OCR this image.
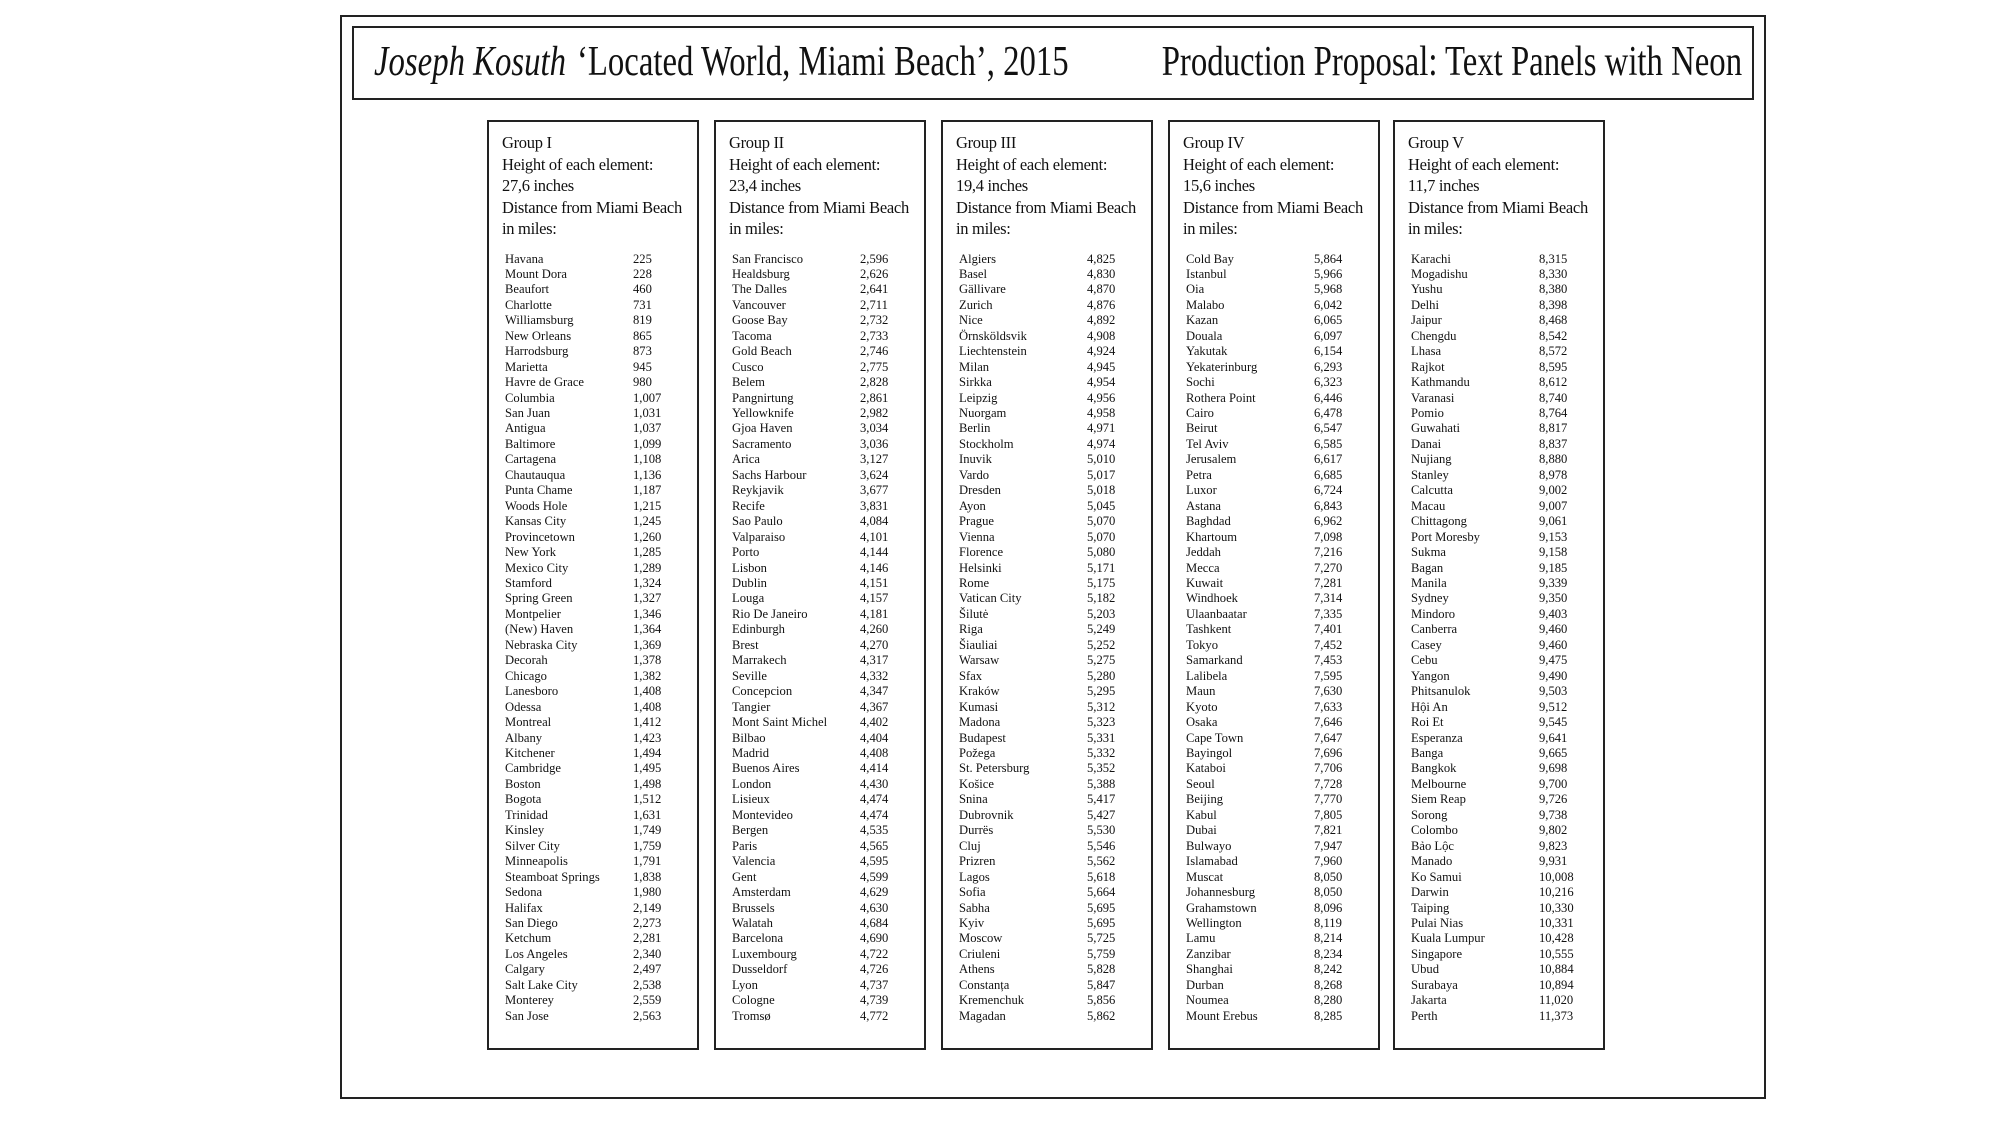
Joseph Kosuth ‘Located World, Miami Beach’, 2015 Production Proposal: Text Panels with Neon
Group I
Height of each element:
27,6 inches
Distance from Miami Beach
in miles:
Havana	225
Mount Dora	228
Beaufort	460
Charlotte	731
Williamsburg	819
New Orleans	865
Harrodsburg	873
Marietta	945
Havre de Grace	980
Columbia	1,007
San Juan	1,031
Antigua	1,037
Baltimore	1,099
Cartagena	1,108
Chautauqua	1,136
Punta Chame	1,187
Woods Hole	1,215
Kansas City	1,245
Provincetown	1,260
New York	1,285
Mexico City	1,289
Stamford	1,324
Spring Green	1,327
Montpelier	1,346
(New) Haven	1,364
Nebraska City	1,369
Decorah	1,378
Chicago	1,382
Lanesboro	1,408
Odessa	1,408
Montreal	1,412
Albany	1,423
Kitchener	1,494
Cambridge	1,495
Boston	1,498
Bogota	1,512
Trinidad	1,631
Kinsley	1,749
Silver City	1,759
Minneapolis	1,791
Steamboat Springs	1,838
Sedona	1,980
Halifax	2,149
San Diego	2,273
Ketchum	2,281
Los Angeles	2,340
Calgary	2,497
Salt Lake City	2,538
Monterey	2,559
San Jose	2,563
Group II
Height of each element:
23,4 inches
Distance from Miami Beach
in miles:
San Francisco	2,596
Healdsburg	2,626
The Dalles	2,641
Vancouver	2,711
Goose Bay	2,732
Tacoma	2,733
Gold Beach	2,746
Cusco	2,775
Belem	2,828
Pangnirtung	2,861
Yellowknife	2,982
Gjoa Haven	3,034
Sacramento	3,036
Arica	3,127
Sachs Harbour	3,624
Reykjavik	3,677
Recife	3,831
Sao Paulo	4,084
Valparaiso	4,101
Porto	4,144
Lisbon	4,146
Dublin	4,151
Louga	4,157
Rio De Janeiro	4,181
Edinburgh	4,260
Brest	4,270
Marrakech	4,317
Seville	4,332
Concepcion	4,347
Tangier	4,367
Mont Saint Michel	4,402
Bilbao	4,404
Madrid	4,408
Buenos Aires	4,414
London	4,430
Lisieux	4,474
Montevideo	4,474
Bergen	4,535
Paris	4,565
Valencia	4,595
Gent	4,599
Amsterdam	4,629
Brussels	4,630
Walatah	4,684
Barcelona	4,690
Luxembourg	4,722
Dusseldorf	4,726
Lyon	4,737
Cologne	4,739
Tromsø	4,772
Group III
Height of each element:
19,4 inches
Distance from Miami Beach
in miles:
Algiers	4,825
Basel	4,830
Gällivare	4,870
Zurich	4,876
Nice	4,892
Örnsköldsvik	4,908
Liechtenstein	4,924
Milan	4,945
Sirkka	4,954
Leipzig	4,956
Nuorgam	4,958
Berlin	4,971
Stockholm	4,974
Inuvik	5,010
Vardo	5,017
Dresden	5,018
Ayon	5,045
Prague	5,070
Vienna	5,070
Florence	5,080
Helsinki	5,171
Rome	5,175
Vatican City	5,182
Šilutė	5,203
Riga	5,249
Šiauliai	5,252
Warsaw	5,275
Sfax	5,280
Kraków	5,295
Kumasi	5,312
Madona	5,323
Budapest	5,331
Požega	5,332
St. Petersburg	5,352
Košice	5,388
Snina	5,417
Dubrovnik	5,427
Durrës	5,530
Cluj	5,546
Prizren	5,562
Lagos	5,618
Sofia	5,664
Sabha	5,695
Kyiv	5,695
Moscow	5,725
Criuleni	5,759
Athens	5,828
Constanța	5,847
Kremenchuk	5,856
Magadan	5,862
Group IV
Height of each element:
15,6 inches
Distance from Miami Beach
in miles:
Cold Bay	5,864
Istanbul	5,966
Oia	5,968
Malabo	6,042
Kazan	6,065
Douala	6,097
Yakutak	6,154
Yekaterinburg	6,293
Sochi	6,323
Rothera Point	6,446
Cairo	6,478
Beirut	6,547
Tel Aviv	6,585
Jerusalem	6,617
Petra	6,685
Luxor	6,724
Astana	6,843
Baghdad	6,962
Khartoum	7,098
Jeddah	7,216
Mecca	7,270
Kuwait	7,281
Windhoek	7,314
Ulaanbaatar	7,335
Tashkent	7,401
Tokyo	7,452
Samarkand	7,453
Lalibela	7,595
Maun	7,630
Kyoto	7,633
Osaka	7,646
Cape Town	7,647
Bayingol	7,696
Kataboi	7,706
Seoul	7,728
Beijing	7,770
Kabul	7,805
Dubai	7,821
Bulwayo	7,947
Islamabad	7,960
Muscat	8,050
Johannesburg	8,050
Grahamstown	8,096
Wellington	8,119
Lamu	8,214
Zanzibar	8,234
Shanghai	8,242
Durban	8,268
Noumea	8,280
Mount Erebus	8,285
Group V
Height of each element:
11,7 inches
Distance from Miami Beach
in miles:
Karachi	8,315
Mogadishu	8,330
Yushu	8,380
Delhi	8,398
Jaipur	8,468
Chengdu	8,542
Lhasa	8,572
Rajkot	8,595
Kathmandu	8,612
Varanasi	8,740
Pomio	8,764
Guwahati	8,817
Danai	8,837
Nujiang	8,880
Stanley	8,978
Calcutta	9,002
Macau	9,007
Chittagong	9,061
Port Moresby	9,153
Sukma	9,158
Bagan	9,185
Manila	9,339
Sydney	9,350
Mindoro	9,403
Canberra	9,460
Casey	9,460
Cebu	9,475
Yangon	9,490
Phitsanulok	9,503
Hội An	9,512
Roi Et	9,545
Esperanza	9,641
Banga	9,665
Bangkok	9,698
Melbourne	9,700
Siem Reap	9,726
Sorong	9,738
Colombo	9,802
Bảo Lộc	9,823
Manado	9,931
Ko Samui	10,008
Darwin	10,216
Taiping	10,330
Pulai Nias	10,331
Kuala Lumpur	10,428
Singapore	10,555
Ubud	10,884
Surabaya	10,894
Jakarta	11,020
Perth	11,373
